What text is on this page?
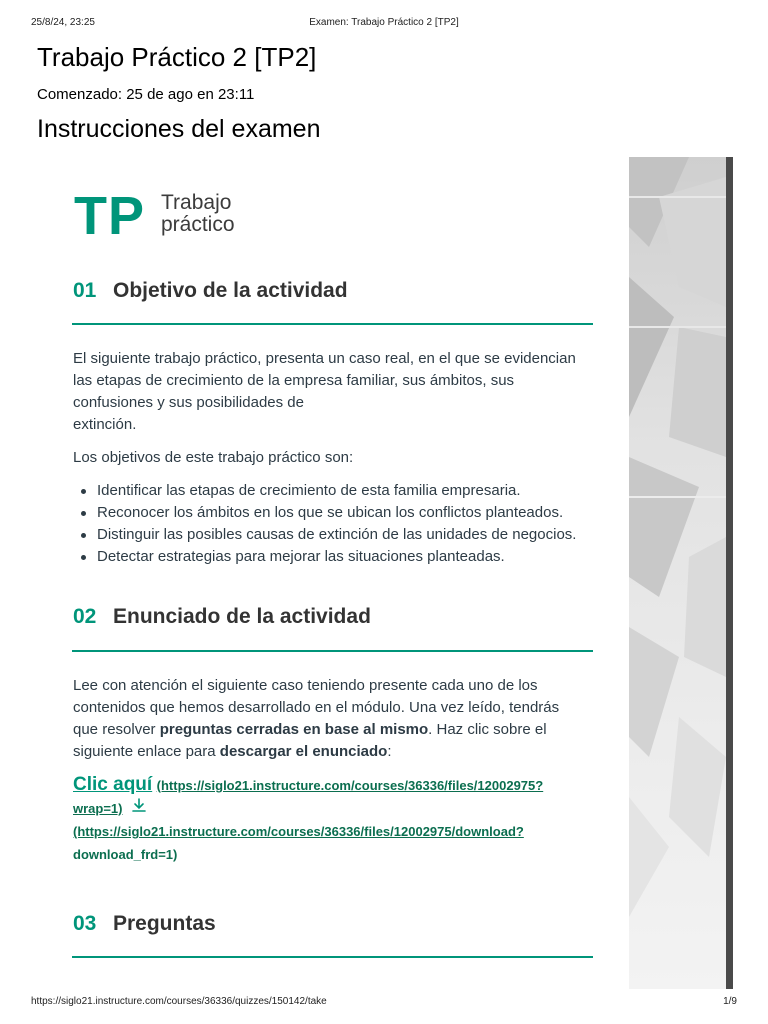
Examen: Trabajo Práctico 2 [TP2]
25/8/24, 23:25
Trabajo Práctico 2 [TP2]
Comenzado: 25 de ago en 23:11
Instrucciones del examen
TP Trabajo
práctico
01 Objetivo de la actividad

El siguiente trabajo práctico, presenta un caso real, en el que se evidencian
las etapas de crecimiento de la empresa familiar, sus ámbitos, sus
confusiones y sus posibilidades de
extinción.

Los objetivos de este trabajo práctico son:

Identificar las etapas de crecimiento de esta familia empresaria.
Reconocer los ámbitos en los que se ubican los conflictos planteados.
Distinguir las posibles causas de extinción de las unidades de negocios.
Detectar estrategias para mejorar las situaciones planteadas.
02 Enunciado de la actividad

Lee con atención el siguiente caso teniendo presente cada uno de los
contenidos que hemos desarrollado en el módulo. Una vez leído, tendrás
que resolver preguntas cerradas en base al mismo. Haz clic sobre el
siguiente enlace para descargar el enunciado:

Clic aquí (https://siglo21.instructure.com/courses/36336/files/12002975?
wrap=1)
(https://siglo21.instructure.com/courses/36336/files/12002975/download?
download_frd=1)
03 Preguntas
https://siglo21.instructure.com/courses/36336/quizzes/150142/take	1/9
